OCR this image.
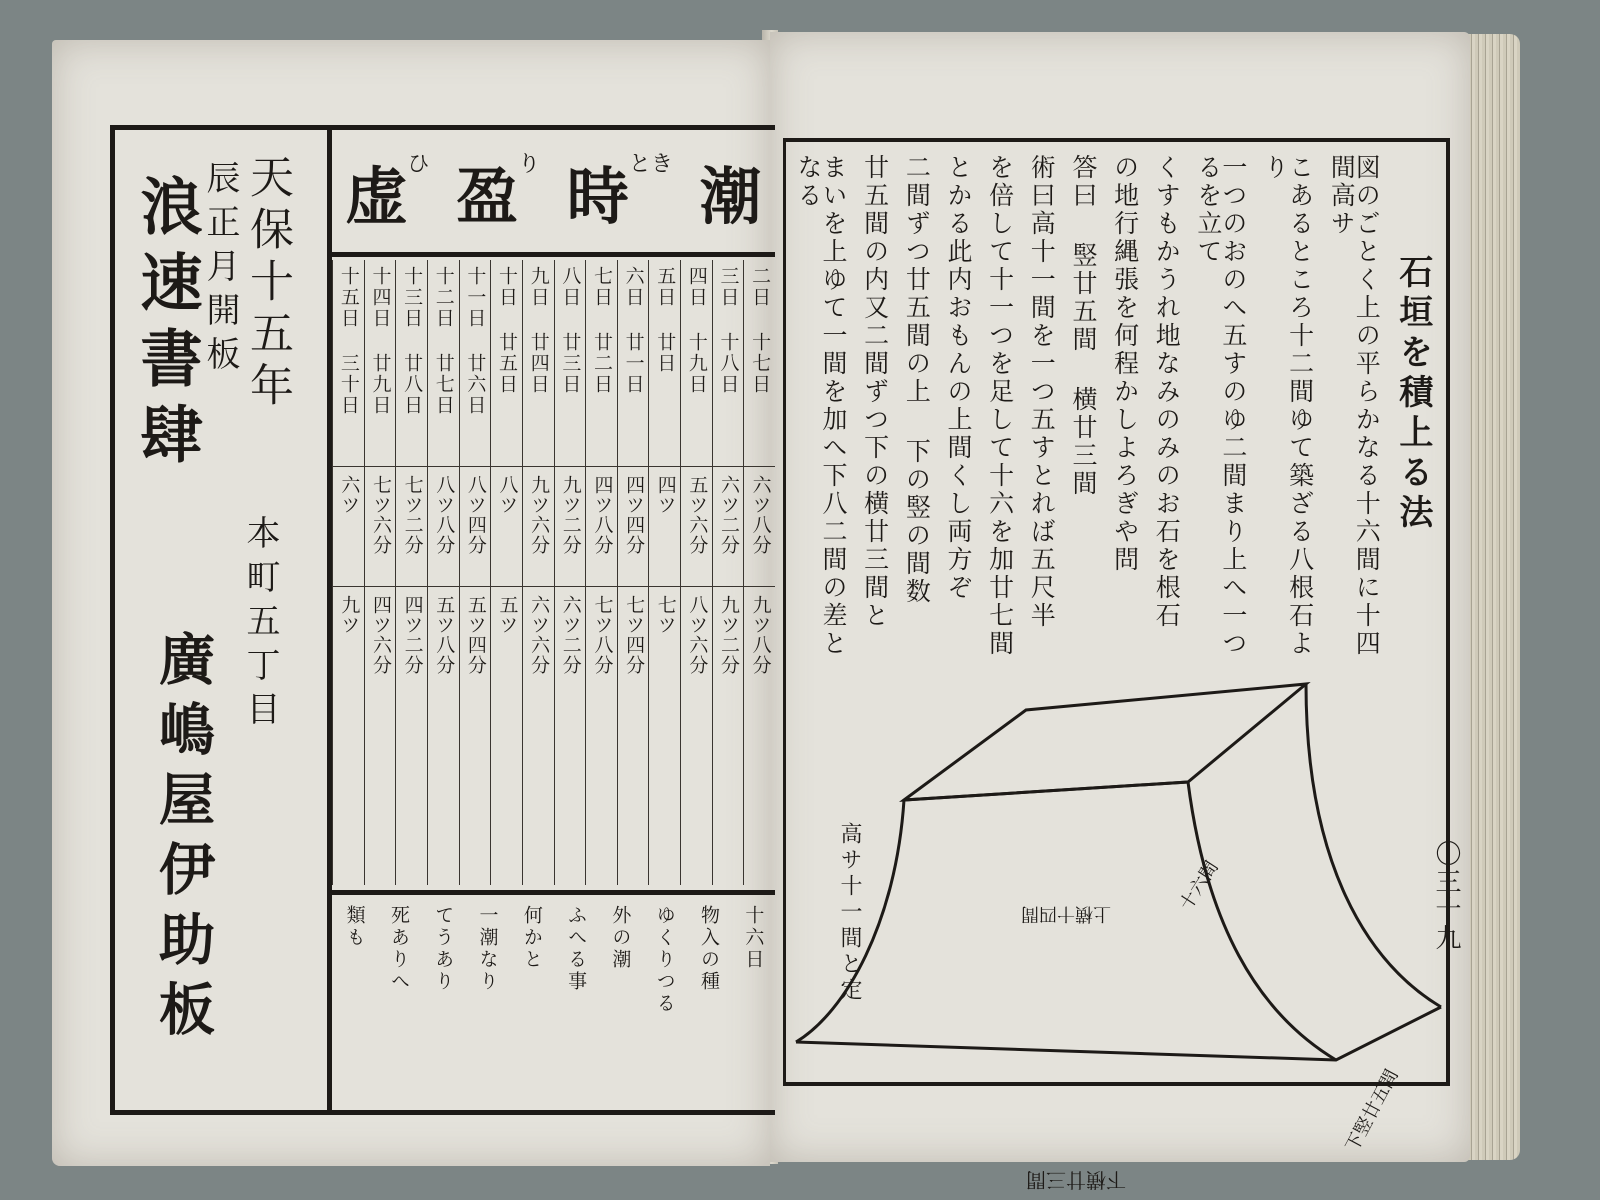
天保十五年
辰正月開板
浪速書肆
本町五丁目
廣嶋屋伊助板
潮
時$^{とき}$
盈$^り$
虚$^ひ$
二日 十七日
六ツ八分
九ツ八分
三日 十八日
六ツ二分
九ツ二分
四日 十九日
五ツ六分
八ツ六分
五日 廿日
四ツ
七ツ
六日 廿一日
四ツ四分
七ツ四分
七日 廿二日
四ツ八分
七ツ八分
八日 廿三日
九ツ二分
六ツ二分
九日 廿四日
九ツ六分
六ツ六分
十日 廿五日
八ツ
五ツ
十一日 廿六日
八ツ四分
五ツ四分
十二日 廿七日
八ツ八分
五ツ八分
十三日 廿八日
七ツ二分
四ツ二分
十四日 廿九日
七ツ六分
四ツ六分
十五日 三十日
六ツ
九ツ
十六日
物入の種
ゆくりつる
外の潮
ふへる事
何かと
一潮なり
てうあり
死ありへ
類も
石垣を積上る法
図のごとく上の平らかなる十六間に十四間高サ
こあるところ十二間ゆて築ざる八根石より
一つのおのへ五すのゆ二間まり上へ一つるを立て
くすもかうれ地なみのみのお石を根石
の地行縄張を何程かしよろぎや問
答曰 竪廿五間 横廿三間
術曰高十一間を一つ五すとれば五尺半
を倍して十一つを足して十六を加廿七間
とかる此内おもんの上間くし両方ぞ
二間ずつ廿五間の上 下の竪の間数
廿五間の内又二間ずつ下の横廿三間と
まいを上ゆて一間を加へ下八二間の差となる
高サ十一間と定	上横十四間	十六間
下竪廿五間
下横廿三間
〇三十九
